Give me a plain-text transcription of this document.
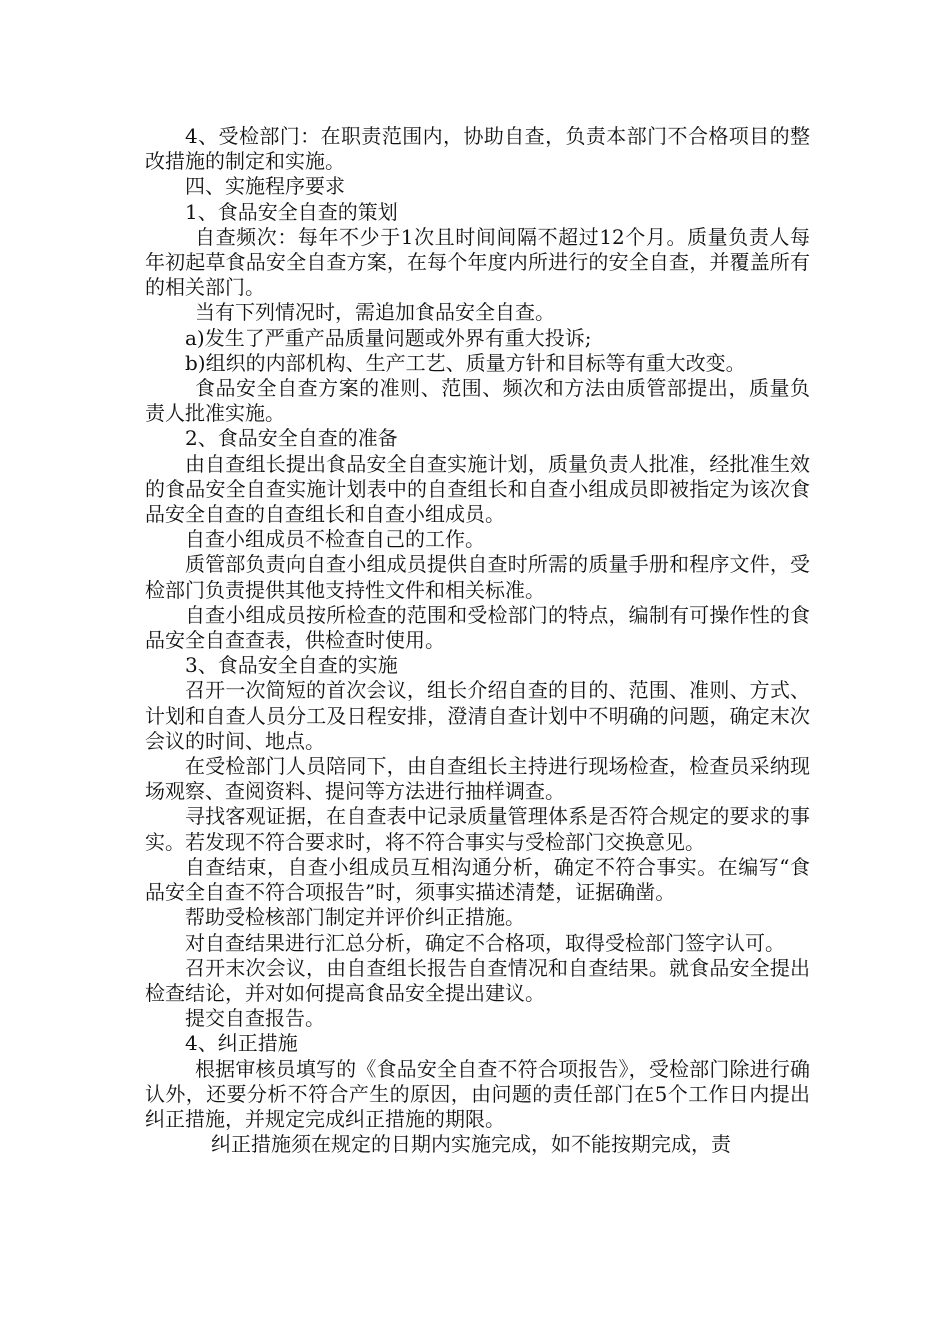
4、受检部门：在职责范围内，协助自查，负责本部门不合格项目的整改措施的制定和实施。

四、实施程序要求

1、食品安全自查的策划

自查频次：每年不少于1次且时间间隔不超过12个月。质量负责人每年初起草食品安全自查方案，在每个年度内所进行的安全自查，并覆盖所有的相关部门。

当有下列情况时，需追加食品安全自查。

a)发生了严重产品质量问题或外界有重大投诉;

b)组织的内部机构、生产工艺、质量方针和目标等有重大改变。

食品安全自查方案的准则、范围、频次和方法由质管部提出，质量负责人批准实施。

2、食品安全自查的准备

由自查组长提出食品安全自查实施计划，质量负责人批准，经批准生效的食品安全自查实施计划表中的自查组长和自查小组成员即被指定为该次食品安全自查的自查组长和自查小组成员。

自查小组成员不检查自己的工作。

质管部负责向自查小组成员提供自查时所需的质量手册和程序文件，受检部门负责提供其他支持性文件和相关标准。

自查小组成员按所检查的范围和受检部门的特点，编制有可操作性的食品安全自查查表，供检查时使用。

3、食品安全自查的实施

召开一次简短的首次会议，组长介绍自查的目的、范围、准则、方式、计划和自查人员分工及日程安排，澄清自查计划中不明确的问题，确定末次会议的时间、地点。

在受检部门人员陪同下，由自查组长主持进行现场检查，检查员采纳现场观察、查阅资料、提问等方法进行抽样调查。

寻找客观证据，在自查表中记录质量管理体系是否符合规定的要求的事实。若发现不符合要求时，将不符合事实与受检部门交换意见。

自查结束，自查小组成员互相沟通分析，确定不符合事实。在编写“食品安全自查不符合项报告”时，须事实描述清楚，证据确凿。

帮助受检核部门制定并评价纠正措施。

对自查结果进行汇总分析，确定不合格项，取得受检部门签字认可。

召开末次会议，由自查组长报告自查情况和自查结果。就食品安全提出检查结论，并对如何提高食品安全提出建议。

提交自查报告。

4、纠正措施

根据审核员填写的《食品安全自查不符合项报告》，受检部门除进行确认外，还要分析不符合产生的原因，由问题的责任部门在5个工作日内提出纠正措施，并规定完成纠正措施的期限。

纠正措施须在规定的日期内实施完成，如不能按期完成，责
